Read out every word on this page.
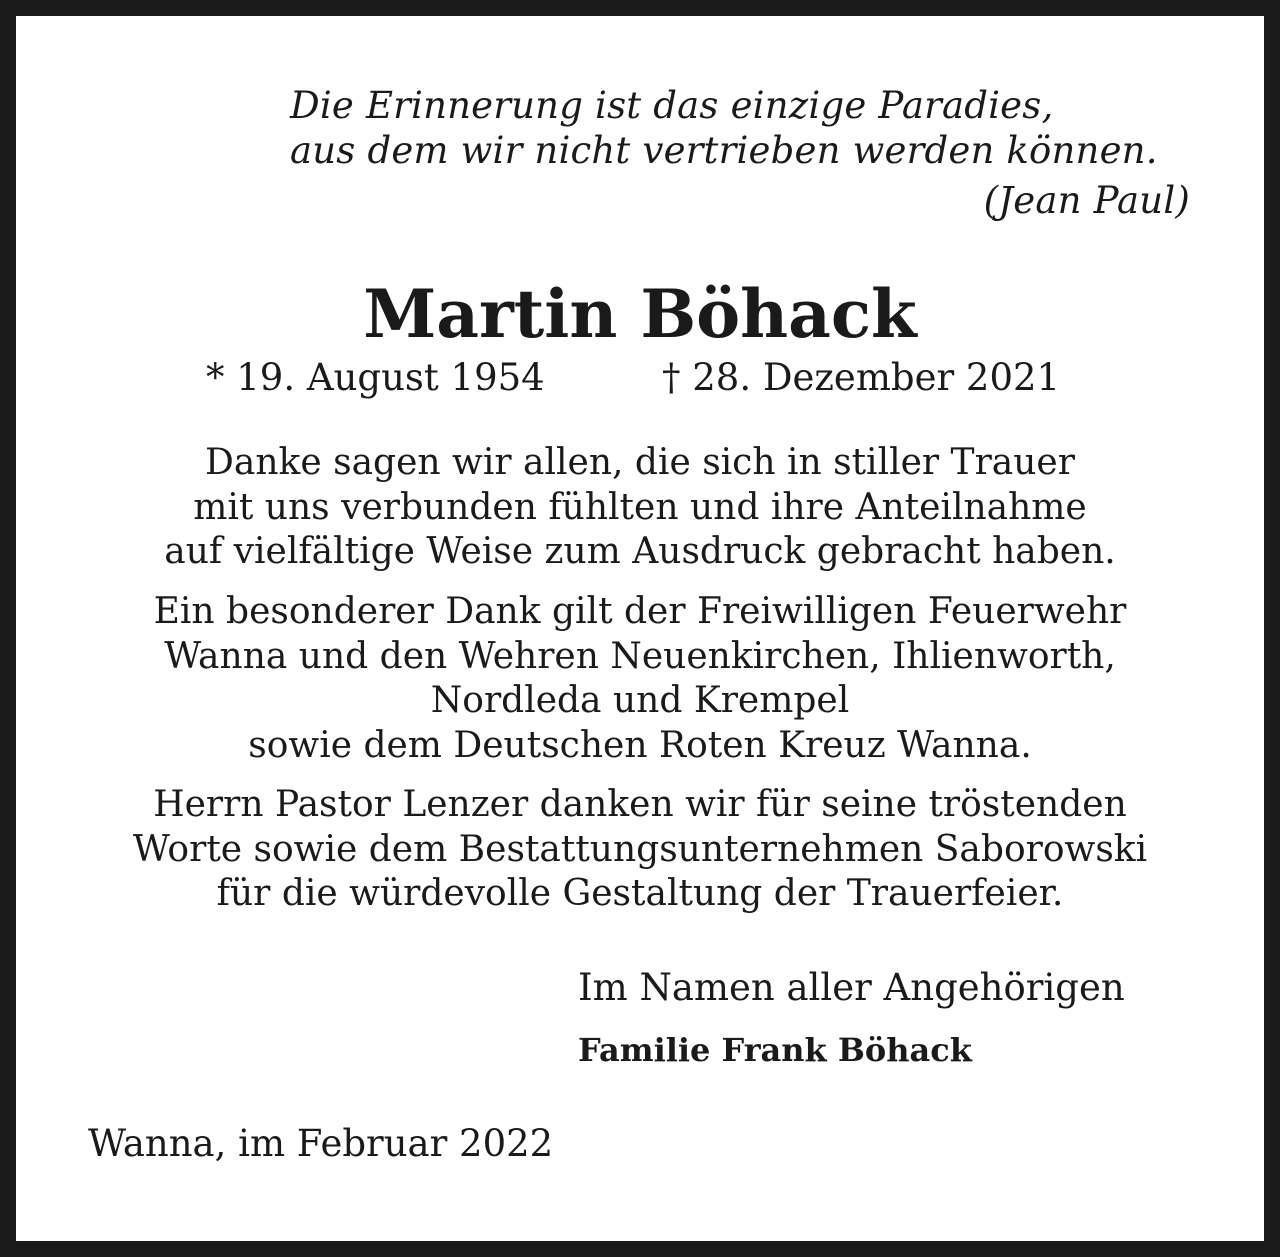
Die Erinnerung ist das einzige Paradies,
aus dem wir nicht vertrieben werden können.
(Jean Paul)
Martin Böhack
* 19. August 1954	† 28. Dezember 2021
Danke sagen wir allen, die sich in stiller Trauer
mit uns verbunden fühlten und ihre Anteilnahme
auf vielfältige Weise zum Ausdruck gebracht haben.
Ein besonderer Dank gilt der Freiwilligen Feuerwehr
Wanna und den Wehren Neuenkirchen, Ihlienworth,
Nordleda und Krempel
sowie dem Deutschen Roten Kreuz Wanna.
Herrn Pastor Lenzer danken wir für seine tröstenden
Worte sowie dem Bestattungsunternehmen Saborowski
für die würdevolle Gestaltung der Trauerfeier.
Im Namen aller Angehörigen
Familie Frank Böhack
Wanna, im Februar 2022
